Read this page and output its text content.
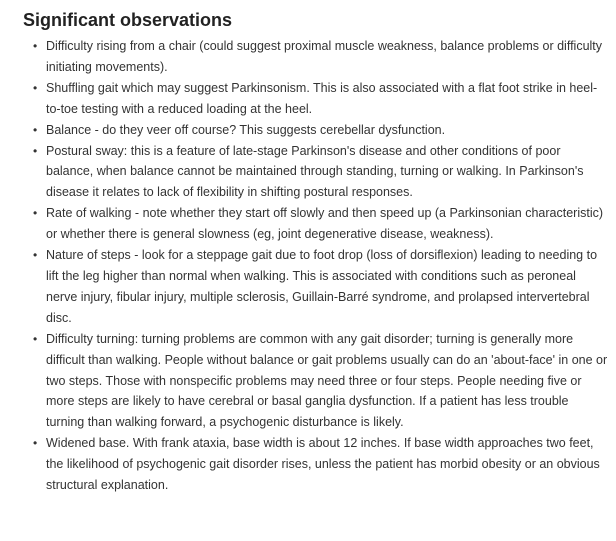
Significant observations
• Difficulty rising from a chair (could suggest proximal muscle weakness, balance problems or difficulty initiating movements).
• Shuffling gait which may suggest Parkinsonism. This is also associated with a flat foot strike in heel-to-toe testing with a reduced loading at the heel.
• Balance - do they veer off course? This suggests cerebellar dysfunction.
• Postural sway: this is a feature of late-stage Parkinson's disease and other conditions of poor balance, when balance cannot be maintained through standing, turning or walking. In Parkinson's disease it relates to lack of flexibility in shifting postural responses.
• Rate of walking - note whether they start off slowly and then speed up (a Parkinsonian characteristic) or whether there is general slowness (eg, joint degenerative disease, weakness).
• Nature of steps - look for a steppage gait due to foot drop (loss of dorsiflexion) leading to needing to lift the leg higher than normal when walking. This is associated with conditions such as peroneal nerve injury, fibular injury, multiple sclerosis, Guillain-Barré syndrome, and prolapsed intervertebral disc.
• Difficulty turning: turning problems are common with any gait disorder; turning is generally more difficult than walking. People without balance or gait problems usually can do an 'about-face' in one or two steps. Those with nonspecific problems may need three or four steps. People needing five or more steps are likely to have cerebral or basal ganglia dysfunction. If a patient has less trouble turning than walking forward, a psychogenic disturbance is likely.
• Widened base. With frank ataxia, base width is about 12 inches. If base width approaches two feet, the likelihood of psychogenic gait disorder rises, unless the patient has morbid obesity or an obvious structural explanation.
